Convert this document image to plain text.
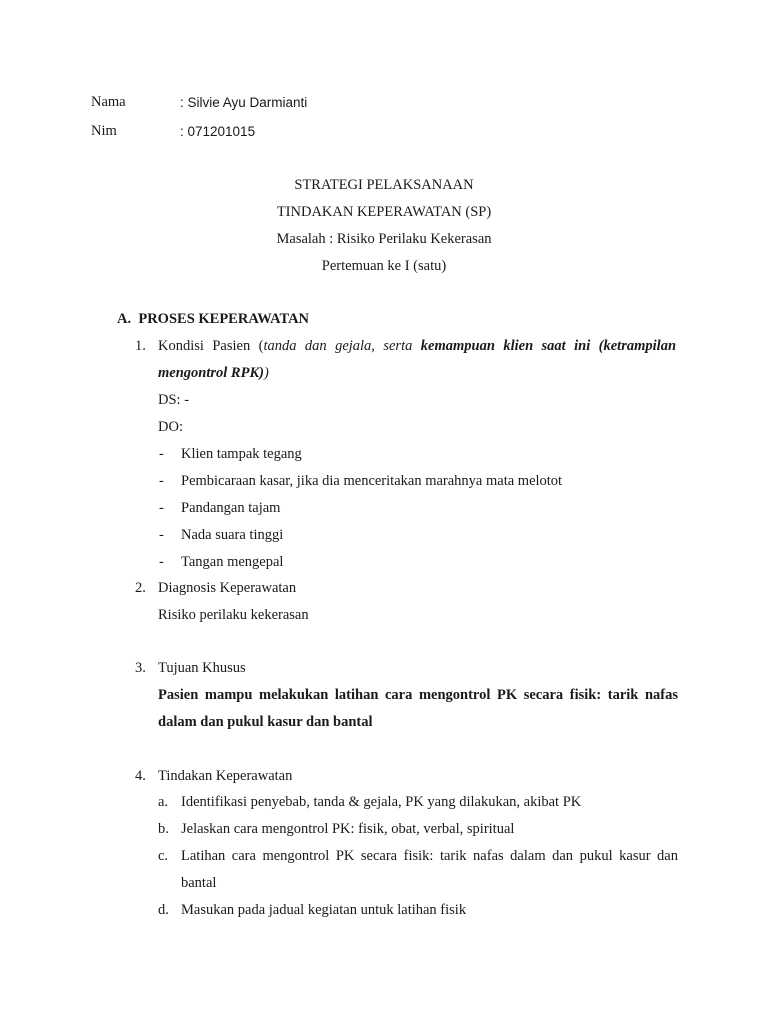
Nama	: Silvie Ayu Darmianti
Nim	: 071201015
STRATEGI PELAKSANAAN
TINDAKAN KEPERAWATAN (SP)
Masalah : Risiko Perilaku Kekerasan
Pertemuan ke I (satu)
A.  PROSES KEPERAWATAN
1. Kondisi Pasien (tanda dan gejala, serta kemampuan klien saat ini (ketrampilan
mengontrol RPK))
DS: -
DO:
- Klien tampak tegang
- Pembicaraan kasar, jika dia menceritakan marahnya mata melotot
- Pandangan tajam
- Nada suara tinggi
- Tangan mengepal
2. Diagnosis Keperawatan
Risiko perilaku kekerasan
3. Tujuan Khusus
Pasien mampu melakukan latihan cara mengontrol PK secara fisik: tarik nafas
dalam dan pukul kasur dan bantal
4. Tindakan Keperawatan
a. Identifikasi penyebab, tanda & gejala, PK yang dilakukan, akibat PK
b. Jelaskan cara mengontrol PK: fisik, obat, verbal, spiritual
c. Latihan cara mengontrol PK secara fisik: tarik nafas dalam dan pukul kasur dan
bantal
d. Masukan pada jadual kegiatan untuk latihan fisik
